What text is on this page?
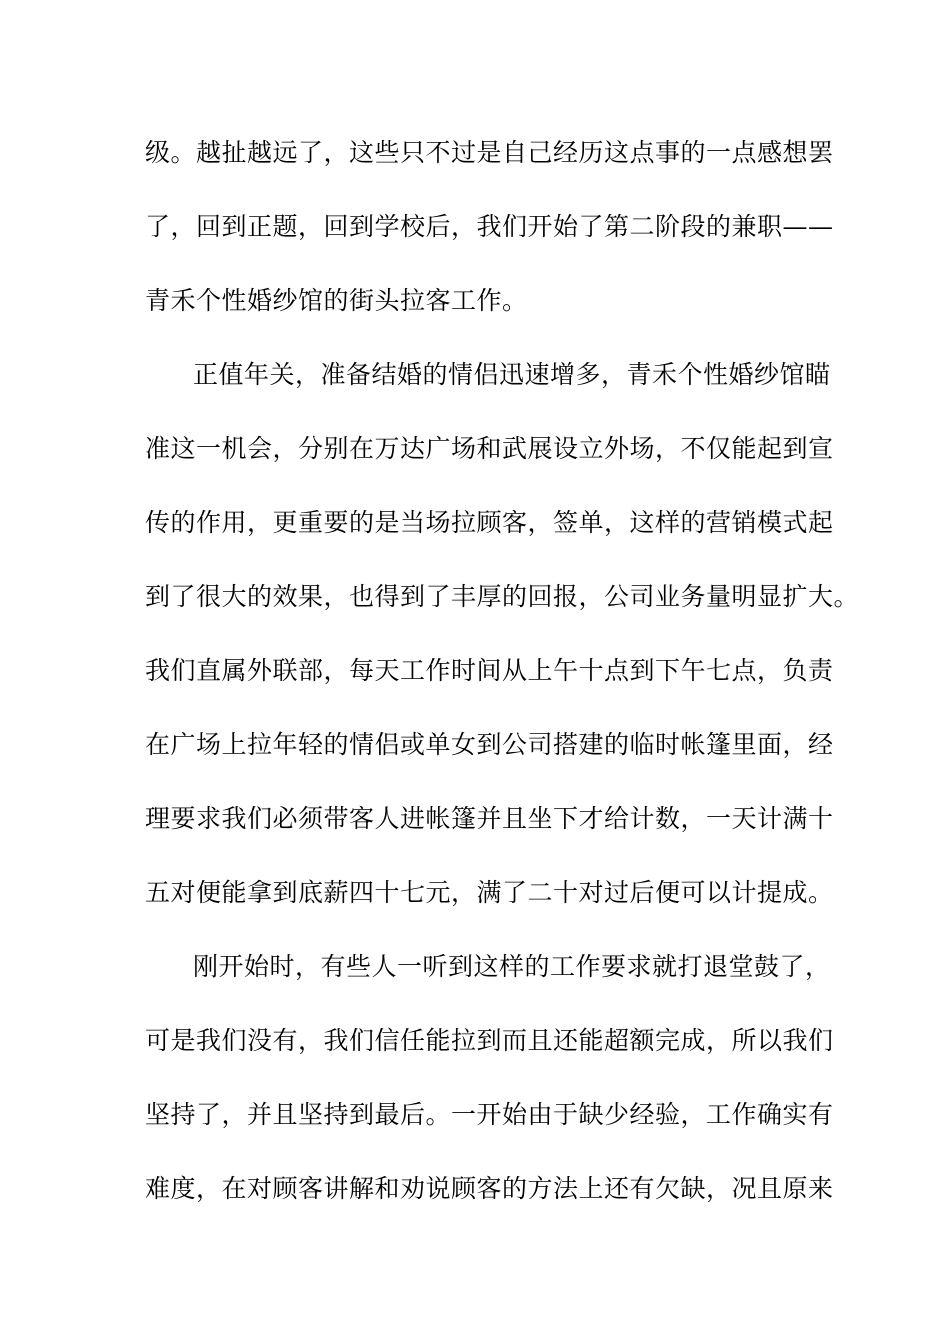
级。越扯越远了，这些只不过是自己经历这点事的一点感想罢
了，回到正题，回到学校后，我们开始了第二阶段的兼职——
青禾个性婚纱馆的街头拉客工作。
正值年关，准备结婚的情侣迅速增多，青禾个性婚纱馆瞄
准这一机会，分别在万达广场和武展设立外场，不仅能起到宣
传的作用，更重要的是当场拉顾客，签单，这样的营销模式起
到了很大的效果，也得到了丰厚的回报，公司业务量明显扩大。
我们直属外联部，每天工作时间从上午十点到下午七点，负责
在广场上拉年轻的情侣或单女到公司搭建的临时帐篷里面，经
理要求我们必须带客人进帐篷并且坐下才给计数，一天计满十
五对便能拿到底薪四十七元，满了二十对过后便可以计提成。
刚开始时，有些人一听到这样的工作要求就打退堂鼓了，
可是我们没有，我们信任能拉到而且还能超额完成，所以我们
坚持了，并且坚持到最后。一开始由于缺少经验，工作确实有
难度，在对顾客讲解和劝说顾客的方法上还有欠缺，况且原来
